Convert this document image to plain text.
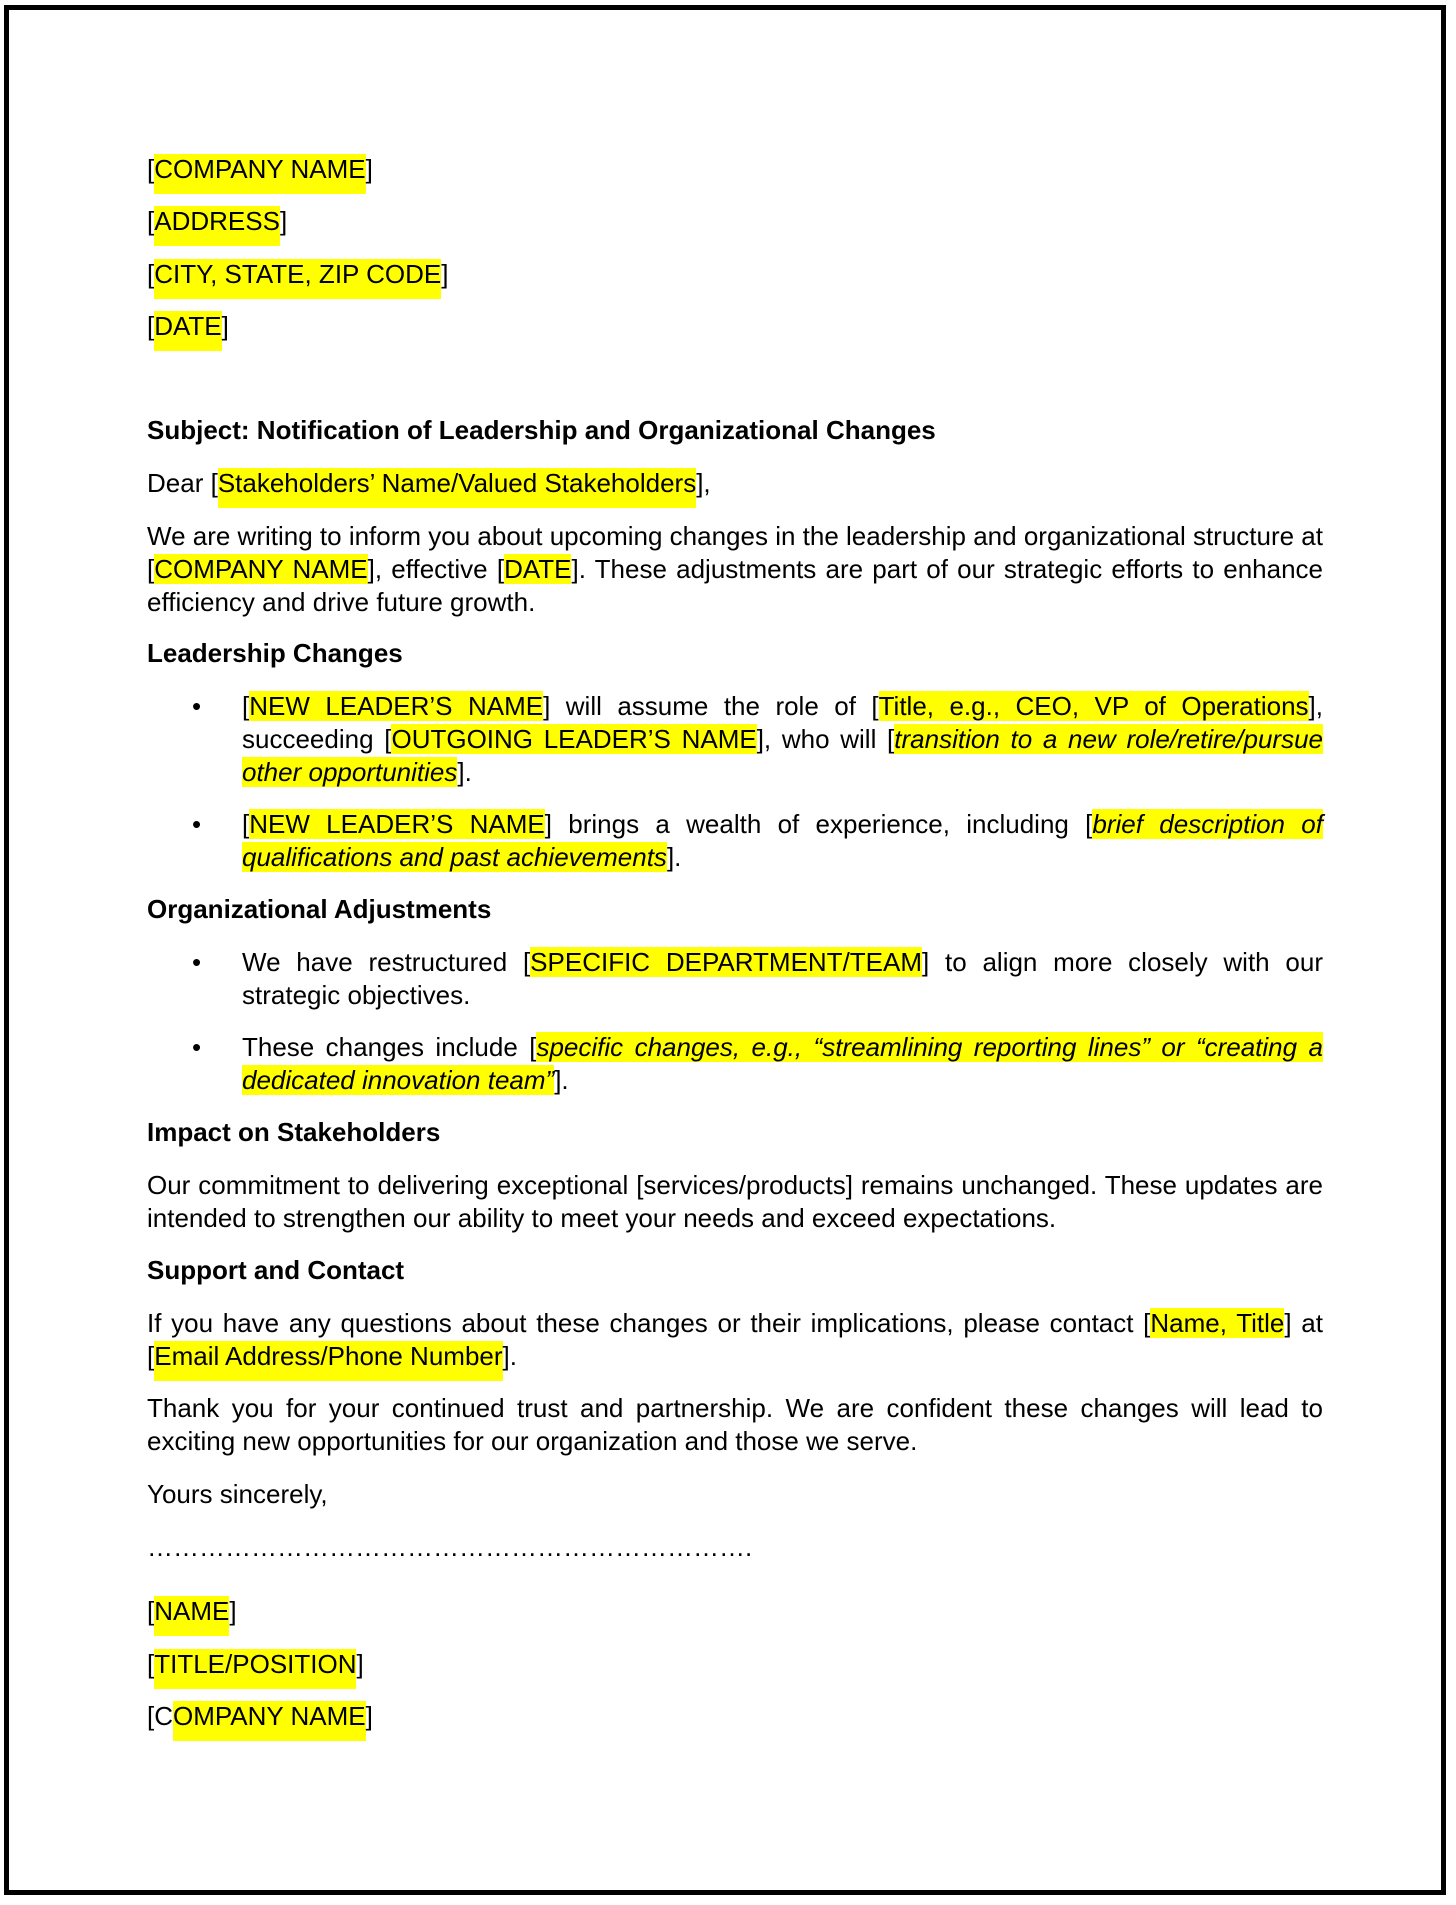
[COMPANY NAME]
[ADDRESS]
[CITY, STATE, ZIP CODE]
[DATE]
Subject: Notification of Leadership and Organizational Changes
Dear [Stakeholders’ Name/Valued Stakeholders],
We are writing to inform you about upcoming changes in the leadership and organizational structure at [COMPANY NAME], effective [DATE]. These adjustments are part of our strategic efforts to enhance efficiency and drive future growth.
Leadership Changes
•	[NEW LEADER’S NAME] will assume the role of [Title, e.g., CEO, VP of Operations], succeeding [OUTGOING LEADER’S NAME], who will [transition to a new role/retire/pursue other opportunities].
•	[NEW LEADER’S NAME] brings a wealth of experience, including [brief description of qualifications and past achievements].
Organizational Adjustments
•	We have restructured [SPECIFIC DEPARTMENT/TEAM] to align more closely with our strategic objectives.
•	These changes include [specific changes, e.g., “streamlining reporting lines” or “creating a dedicated innovation team”].
Impact on Stakeholders
Our commitment to delivering exceptional [services/products] remains unchanged. These updates are intended to strengthen our ability to meet your needs and exceed expectations.
Support and Contact
If you have any questions about these changes or their implications, please contact [Name, Title] at [Email Address/Phone Number].
Thank you for your continued trust and partnership. We are confident these changes will lead to exciting new opportunities for our organization and those we serve.
Yours sincerely,
…………………………………………………………….
[NAME]
[TITLE/POSITION]
[COMPANY NAME]
